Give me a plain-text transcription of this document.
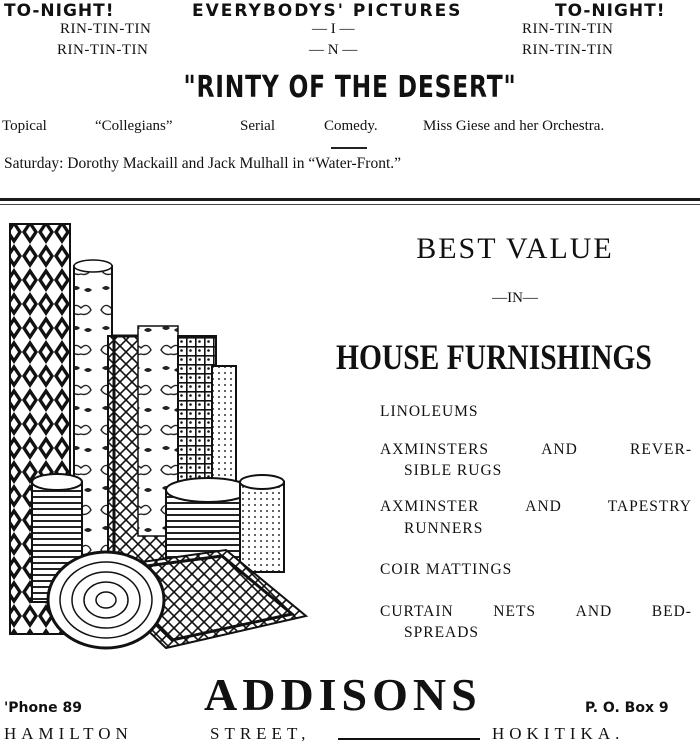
TO-NIGHT!	EVERYBODYS' PICTURES	TO-NIGHT!
RIN-TIN-TIN
RIN-TIN-TIN
— I —
— N —
RIN-TIN-TIN
RIN-TIN-TIN
"RINTY OF THE DESERT"
Topical	“Collegians”	Serial	Comedy.	Miss Giese and her Orchestra.
Saturday: Dorothy Mackaill and Jack Mulhall in “Water-Front.”
BEST VALUE
—IN—
HOUSE FURNISHINGS
LINOLEUMS
AXMINSTERS	AND	REVER-
SIBLE RUGS
AXMINSTER	AND	TAPESTRY
RUNNERS
COIR MATTINGS
CURTAIN	NETS	AND	BED-
SPREADS
ADDISONS
'Phone 89	P. O. Box 9
HAMILTON	STREET,	HOKITIKA.
